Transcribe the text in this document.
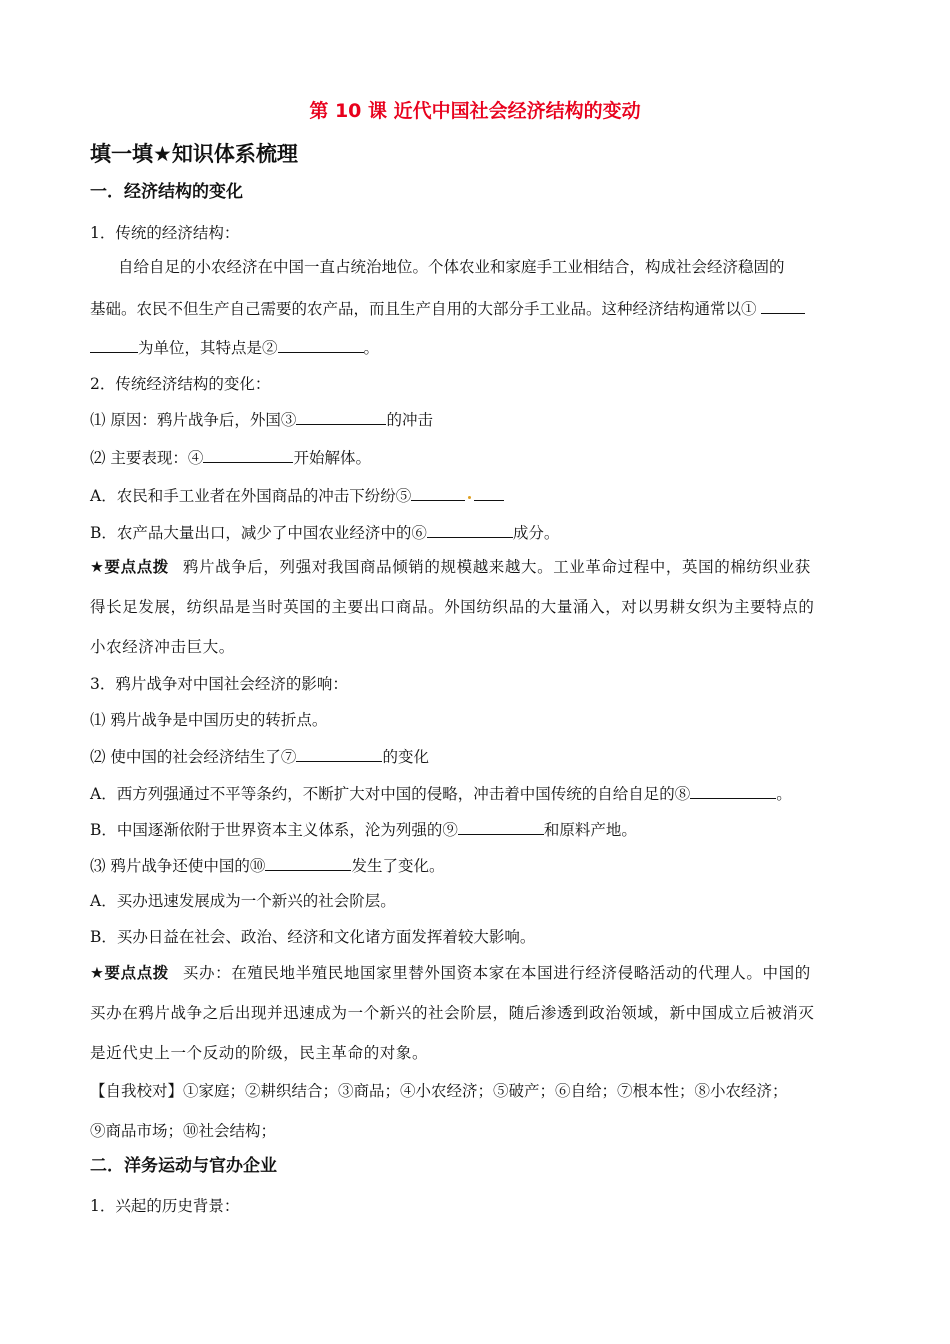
第 10 课 近代中国社会经济结构的变动
填一填★知识体系梳理
一．经济结构的变化
1．传统的经济结构：
自给自足的小农经济在中国一直占统治地位。个体农业和家庭手工业相结合，构成社会经济稳固的
基础。农民不但生产自己需要的农产品，而且生产自用的大部分手工业品。这种经济结构通常以①
为单位，其特点是②	。
2．传统经济结构的变化：
⑴ 原因：鸦片战争后，外国③	的冲击
⑵ 主要表现：④	开始解体。
A．农民和手工业者在外国商品的冲击下纷纷⑤
B．农产品大量出口，减少了中国农业经济中的⑥	成分。
★要点点拨 鸦片战争后，列强对我国商品倾销的规模越来越大。工业革命过程中，英国的棉纺织业获
得长足发展，纺织品是当时英国的主要出口商品。外国纺织品的大量涌入，对以男耕女织为主要特点的
小农经济冲击巨大。
3．鸦片战争对中国社会经济的影响：
⑴ 鸦片战争是中国历史的转折点。
⑵ 使中国的社会经济结生了⑦	的变化
A．西方列强通过不平等条约，不断扩大对中国的侵略，冲击着中国传统的自给自足的⑧	。
B．中国逐渐依附于世界资本主义体系，沦为列强的⑨	和原料产地。
⑶ 鸦片战争还使中国的⑩	发生了变化。
A．买办迅速发展成为一个新兴的社会阶层。
B．买办日益在社会、政治、经济和文化诸方面发挥着较大影响。
★要点点拨 买办：在殖民地半殖民地国家里替外国资本家在本国进行经济侵略活动的代理人。中国的
买办在鸦片战争之后出现并迅速成为一个新兴的社会阶层，随后渗透到政治领域，新中国成立后被消灭
是近代史上一个反动的阶级，民主革命的对象。
【自我校对】①家庭；②耕织结合；③商品；④小农经济；⑤破产；⑥自给；⑦根本性；⑧小农经济；
⑨商品市场；⑩社会结构；
二．洋务运动与官办企业
1．兴起的历史背景：
